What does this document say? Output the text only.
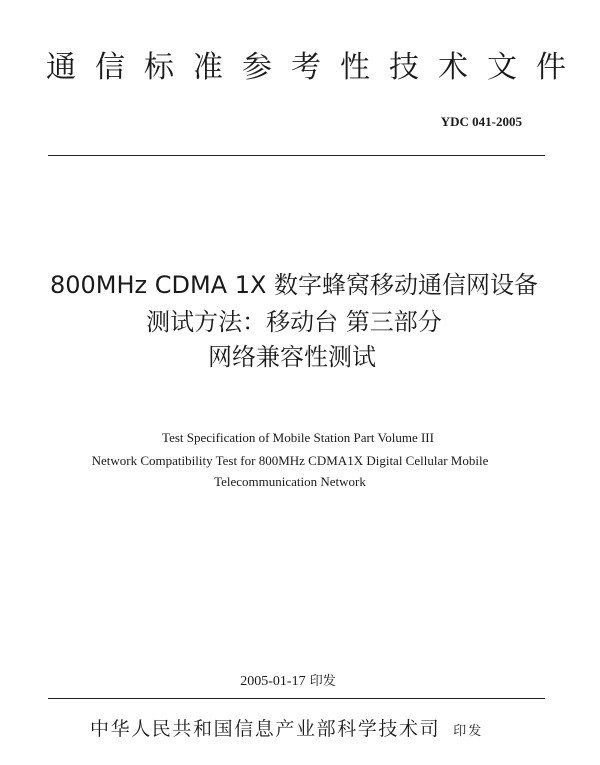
通信标准参考性技术文件
YDC 041-2005
800MHz CDMA 1X 数字蜂窝移动通信网设备
测试方法：移动台 第三部分
网络兼容性测试
Test Specification of Mobile Station Part Volume III
Network Compatibility Test for 800MHz CDMA1X Digital Cellular Mobile
Telecommunication Network
2005-01-17 印发
中华人民共和国信息产业部科学技术司 印发
